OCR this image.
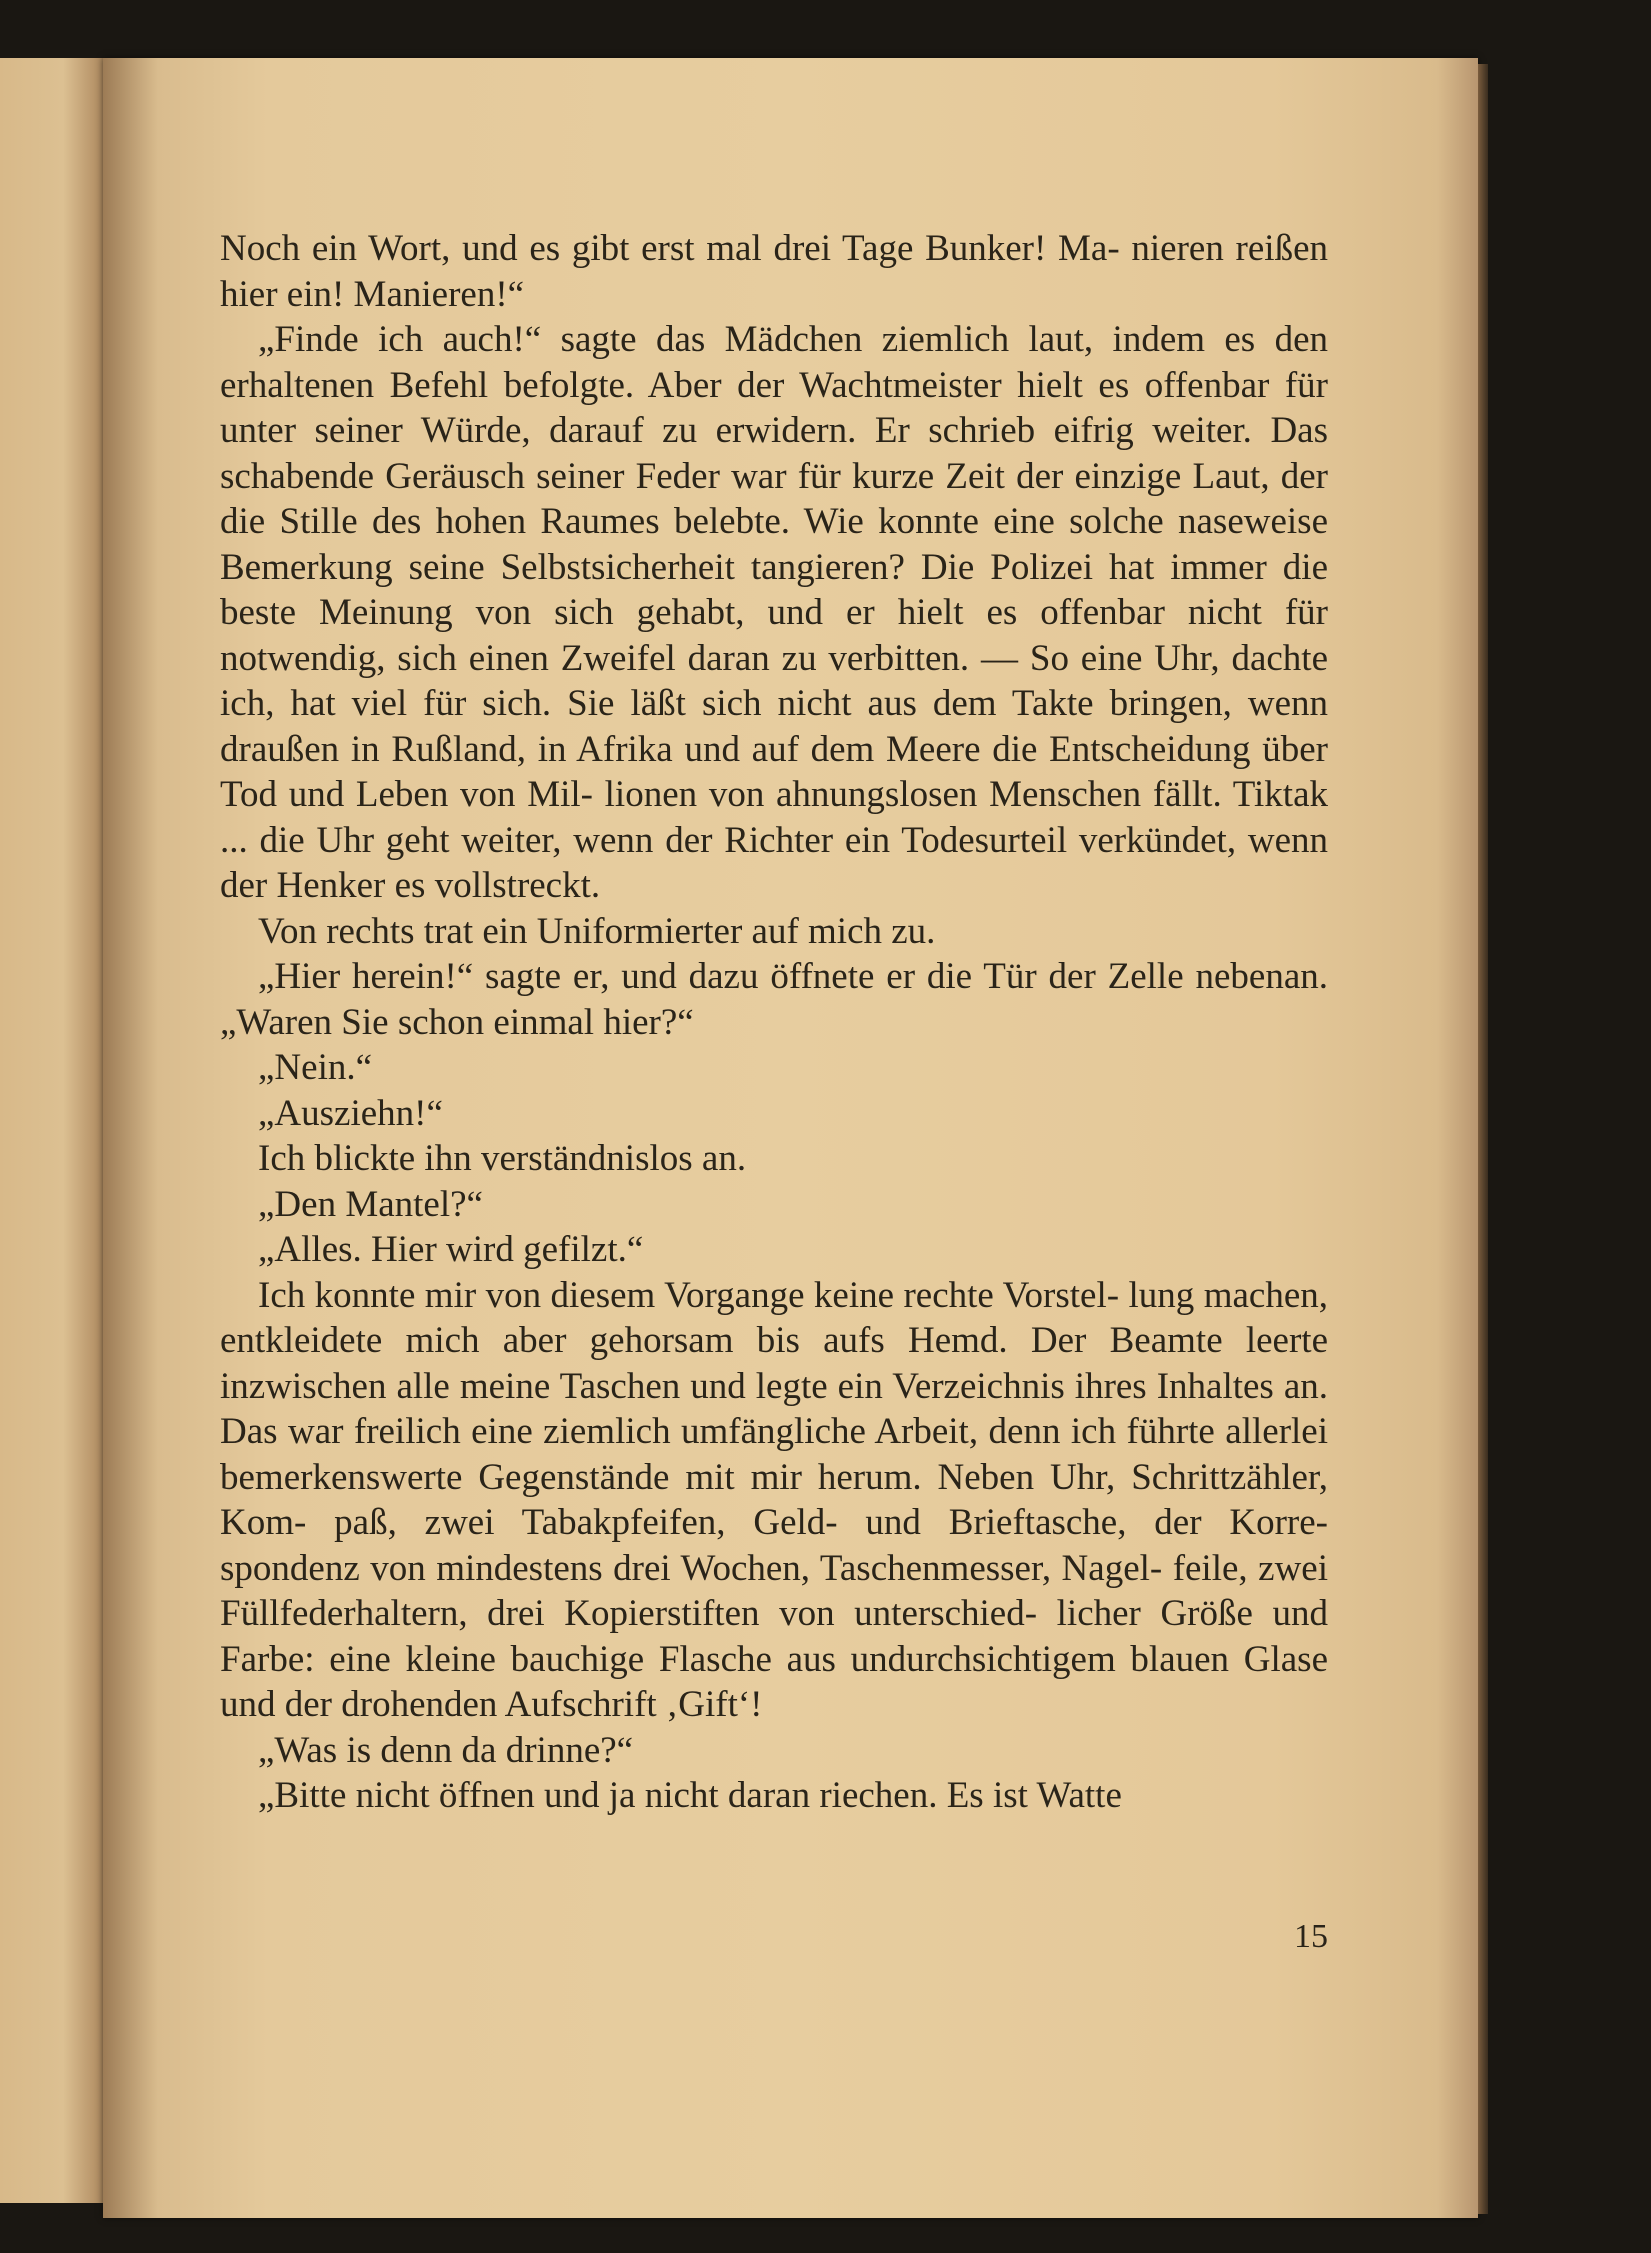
Noch ein Wort, und es gibt erst mal drei Tage Bunker! Ma- nieren reißen hier ein! Manieren!“

„Finde ich auch!“ sagte das Mädchen ziemlich laut, indem es den erhaltenen Befehl befolgte. Aber der Wachtmeister hielt es offenbar für unter seiner Würde, darauf zu erwidern. Er schrieb eifrig weiter. Das schabende Geräusch seiner Feder war für kurze Zeit der einzige Laut, der die Stille des hohen Raumes belebte. Wie konnte eine solche naseweise Bemerkung seine Selbstsicherheit tangieren? Die Polizei hat immer die beste Meinung von sich gehabt, und er hielt es offenbar nicht für notwendig, sich einen Zweifel daran zu verbitten. — So eine Uhr, dachte ich, hat viel für sich. Sie läßt sich nicht aus dem Takte bringen, wenn draußen in Rußland, in Afrika und auf dem Meere die Entscheidung über Tod und Leben von Mil- lionen von ahnungslosen Menschen fällt. Tiktak ... die Uhr geht weiter, wenn der Richter ein Todesurteil verkündet, wenn der Henker es vollstreckt.

Von rechts trat ein Uniformierter auf mich zu.

„Hier herein!“ sagte er, und dazu öffnete er die Tür der Zelle nebenan. „Waren Sie schon einmal hier?“

„Nein.“

„Ausziehn!“

Ich blickte ihn verständnislos an.

„Den Mantel?“

„Alles. Hier wird gefilzt.“

Ich konnte mir von diesem Vorgange keine rechte Vorstel- lung machen, entkleidete mich aber gehorsam bis aufs Hemd. Der Beamte leerte inzwischen alle meine Taschen und legte ein Verzeichnis ihres Inhaltes an. Das war freilich eine ziemlich umfängliche Arbeit, denn ich führte allerlei bemerkenswerte Gegenstände mit mir herum. Neben Uhr, Schrittzähler, Kom- paß, zwei Tabakpfeifen, Geld- und Brieftasche, der Korre- spondenz von mindestens drei Wochen, Taschenmesser, Nagel- feile, zwei Füllfederhaltern, drei Kopierstiften von unterschied- licher Größe und Farbe: eine kleine bauchige Flasche aus undurchsichtigem blauen Glase und der drohenden Aufschrift ‚Gift‘!

„Was is denn da drinne?“

„Bitte nicht öffnen und ja nicht daran riechen. Es ist Watte

15
